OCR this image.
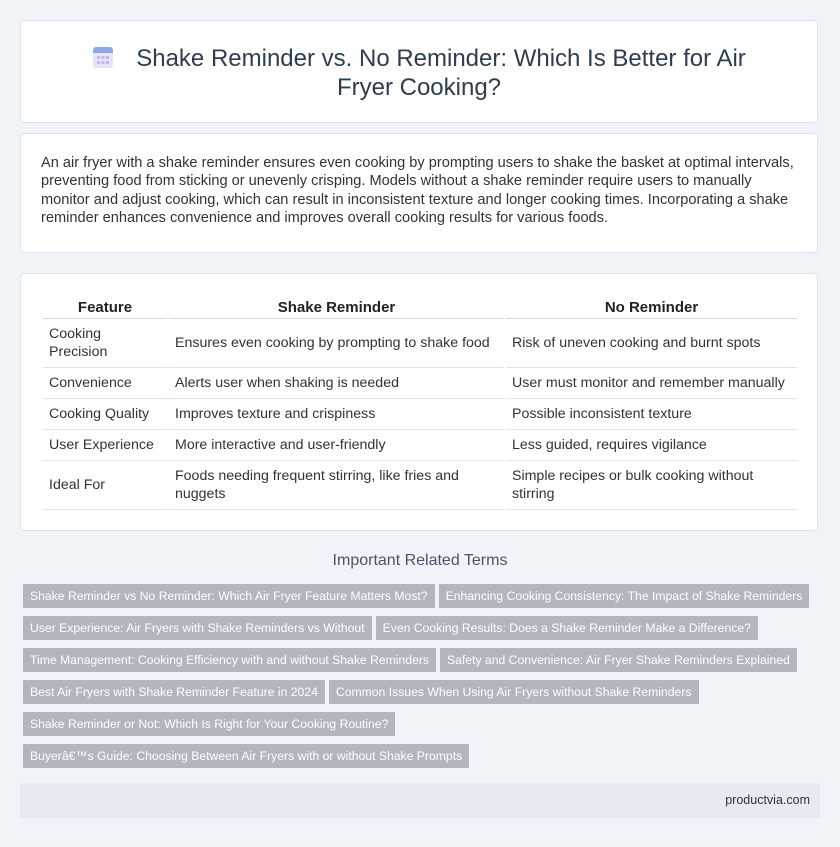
Shake Reminder vs. No Reminder: Which Is Better for Air Fryer Cooking?
An air fryer with a shake reminder ensures even cooking by prompting users to shake the basket at optimal intervals, preventing food from sticking or unevenly crisping. Models without a shake reminder require users to manually monitor and adjust cooking, which can result in inconsistent texture and longer cooking times. Incorporating a shake reminder enhances convenience and improves overall cooking results for various foods.
Feature	Shake Reminder	No Reminder
Cooking Precision	Ensures even cooking by prompting to shake food	Risk of uneven cooking and burnt spots
Convenience	Alerts user when shaking is needed	User must monitor and remember manually
Cooking Quality	Improves texture and crispiness	Possible inconsistent texture
User Experience	More interactive and user-friendly	Less guided, requires vigilance
Ideal For	Foods needing frequent stirring, like fries and nuggets	Simple recipes or bulk cooking without stirring
Important Related Terms
Shake Reminder vs No Reminder: Which Air Fryer Feature Matters Most? Enhancing Cooking Consistency: The Impact of Shake Reminders
User Experience: Air Fryers with Shake Reminders vs Without Even Cooking Results: Does a Shake Reminder Make a Difference?
Time Management: Cooking Efficiency with and without Shake Reminders Safety and Convenience: Air Fryer Shake Reminders Explained
Best Air Fryers with Shake Reminder Feature in 2024 Common Issues When Using Air Fryers without Shake Reminders
Shake Reminder or Not: Which Is Right for Your Cooking Routine?
Buyerâ€™s Guide: Choosing Between Air Fryers with or without Shake Prompts
productvia.com
